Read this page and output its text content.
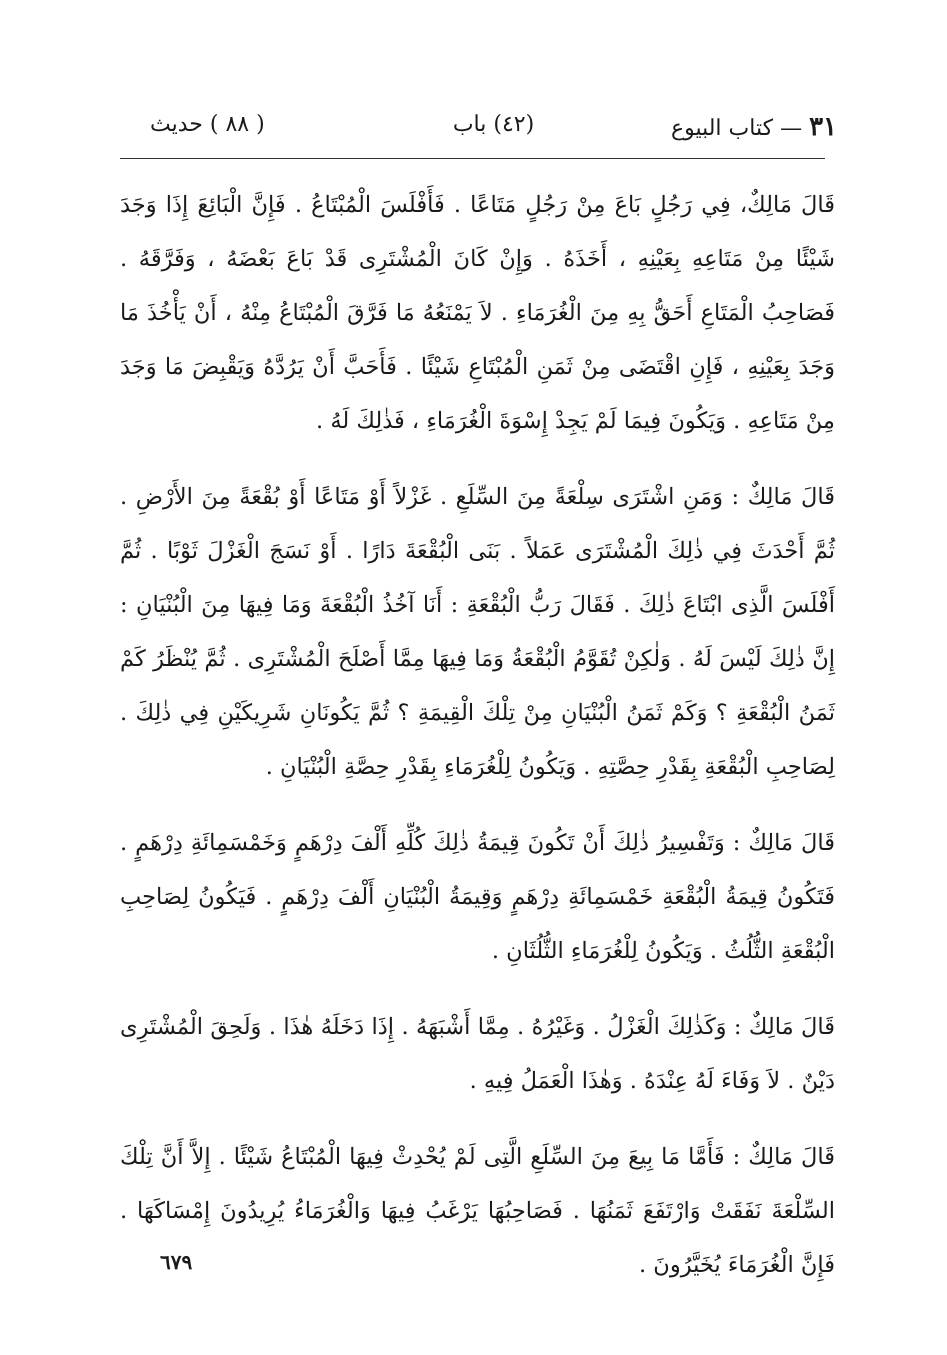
٣١ — كتاب البيوع
(٤٢) باب
( ٨٨ ) حديث

قَالَ مَالِكٌ، فِي رَجُلٍ بَاعَ مِنْ رَجُلٍ مَتَاعًا . فَأَفْلَسَ الْمُبْتَاعُ . فَإِنَّ الْبَائِعَ إِذَا وَجَدَ شَيْئًا مِنْ مَتَاعِهِ بِعَيْنِهِ ، أَخَذَهُ . وَإِنْ كَانَ الْمُشْتَرِى قَدْ بَاعَ بَعْضَهُ ، وَفَرَّقَهُ . فَصَاحِبُ الْمَتَاعِ أَحَقُّ بِهِ مِنَ الْغُرَمَاءِ . لاَ يَمْنَعُهُ مَا فَرَّقَ الْمُبْتَاعُ مِنْهُ ، أَنْ يَأْخُذَ مَا وَجَدَ بِعَيْنِهِ ، فَإِنِ اقْتَضَى مِنْ ثَمَنِ الْمُبْتَاعِ شَيْئًا . فَأَحَبَّ أَنْ يَرُدَّهُ وَيَقْبِضَ مَا وَجَدَ مِنْ مَتَاعِهِ . وَيَكُونَ فِيمَا لَمْ يَجِدْ إِسْوَةَ الْغُرَمَاءِ ، فَذٰلِكَ لَهُ .

قَالَ مَالِكٌ : وَمَنِ اشْتَرَى سِلْعَةً مِنَ السِّلَعِ . غَزْلاً أَوْ مَتَاعًا أَوْ بُقْعَةً مِنَ الأَرْضِ . ثُمَّ أَحْدَثَ فِي ذٰلِكَ الْمُشْتَرَى عَمَلاً . بَنَى الْبُقْعَةَ دَارًا . أَوْ نَسَجَ الْغَزْلَ ثَوْبًا . ثُمَّ أَفْلَسَ الَّذِى ابْتَاعَ ذٰلِكَ . فَقَالَ رَبُّ الْبُقْعَةِ : أَنَا آخُذُ الْبُقْعَةَ وَمَا فِيهَا مِنَ الْبُنْيَانِ : إِنَّ ذٰلِكَ لَيْسَ لَهُ . وَلٰكِنْ تُقَوَّمُ الْبُقْعَةُ وَمَا فِيهَا مِمَّا أَصْلَحَ الْمُشْتَرِى . ثُمَّ يُنْظَرُ كَمْ ثَمَنُ الْبُقْعَةِ ؟ وَكَمْ ثَمَنُ الْبُنْيَانِ مِنْ تِلْكَ الْقِيمَةِ ؟ ثُمَّ يَكُونَانِ شَرِيكَيْنِ فِي ذٰلِكَ . لِصَاحِبِ الْبُقْعَةِ بِقَدْرِ حِصَّتِهِ . وَيَكُونُ لِلْغُرَمَاءِ بِقَدْرِ حِصَّةِ الْبُنْيَانِ .

قَالَ مَالِكٌ : وَتَفْسِيرُ ذٰلِكَ أَنْ تَكُونَ قِيمَةُ ذٰلِكَ كُلِّهِ أَلْفَ دِرْهَمٍ وَخَمْسَمِائَةِ دِرْهَمٍ . فَتَكُونُ قِيمَةُ الْبُقْعَةِ خَمْسَمِائَةِ دِرْهَمٍ وَقِيمَةُ الْبُنْيَانِ أَلْفَ دِرْهَمٍ . فَيَكُونُ لِصَاحِبِ الْبُقْعَةِ الثُّلُثُ . وَيَكُونُ لِلْغُرَمَاءِ الثُّلُثَانِ .

قَالَ مَالِكٌ : وَكَذٰلِكَ الْغَزْلُ . وَغَيْرُهُ . مِمَّا أَشْبَهَهُ . إِذَا دَخَلَهُ هٰذَا . وَلَحِقَ الْمُشْتَرِى دَيْنٌ . لاَ وَفَاءَ لَهُ عِنْدَهُ . وَهٰذَا الْعَمَلُ فِيهِ .

قَالَ مَالِكٌ : فَأَمَّا مَا بِيعَ مِنَ السِّلَعِ الَّتِى لَمْ يُحْدِثْ فِيهَا الْمُبْتَاعُ شَيْئًا . إِلاَّ أَنَّ تِلْكَ السِّلْعَةَ نَفَقَتْ وَارْتَفَعَ ثَمَنُهَا . فَصَاحِبُهَا يَرْغَبُ فِيهَا وَالْغُرَمَاءُ يُرِيدُونَ إِمْسَاكَهَا . فَإِنَّ الْغُرَمَاءَ يُخَيَّرُونَ .

٦٧٩
